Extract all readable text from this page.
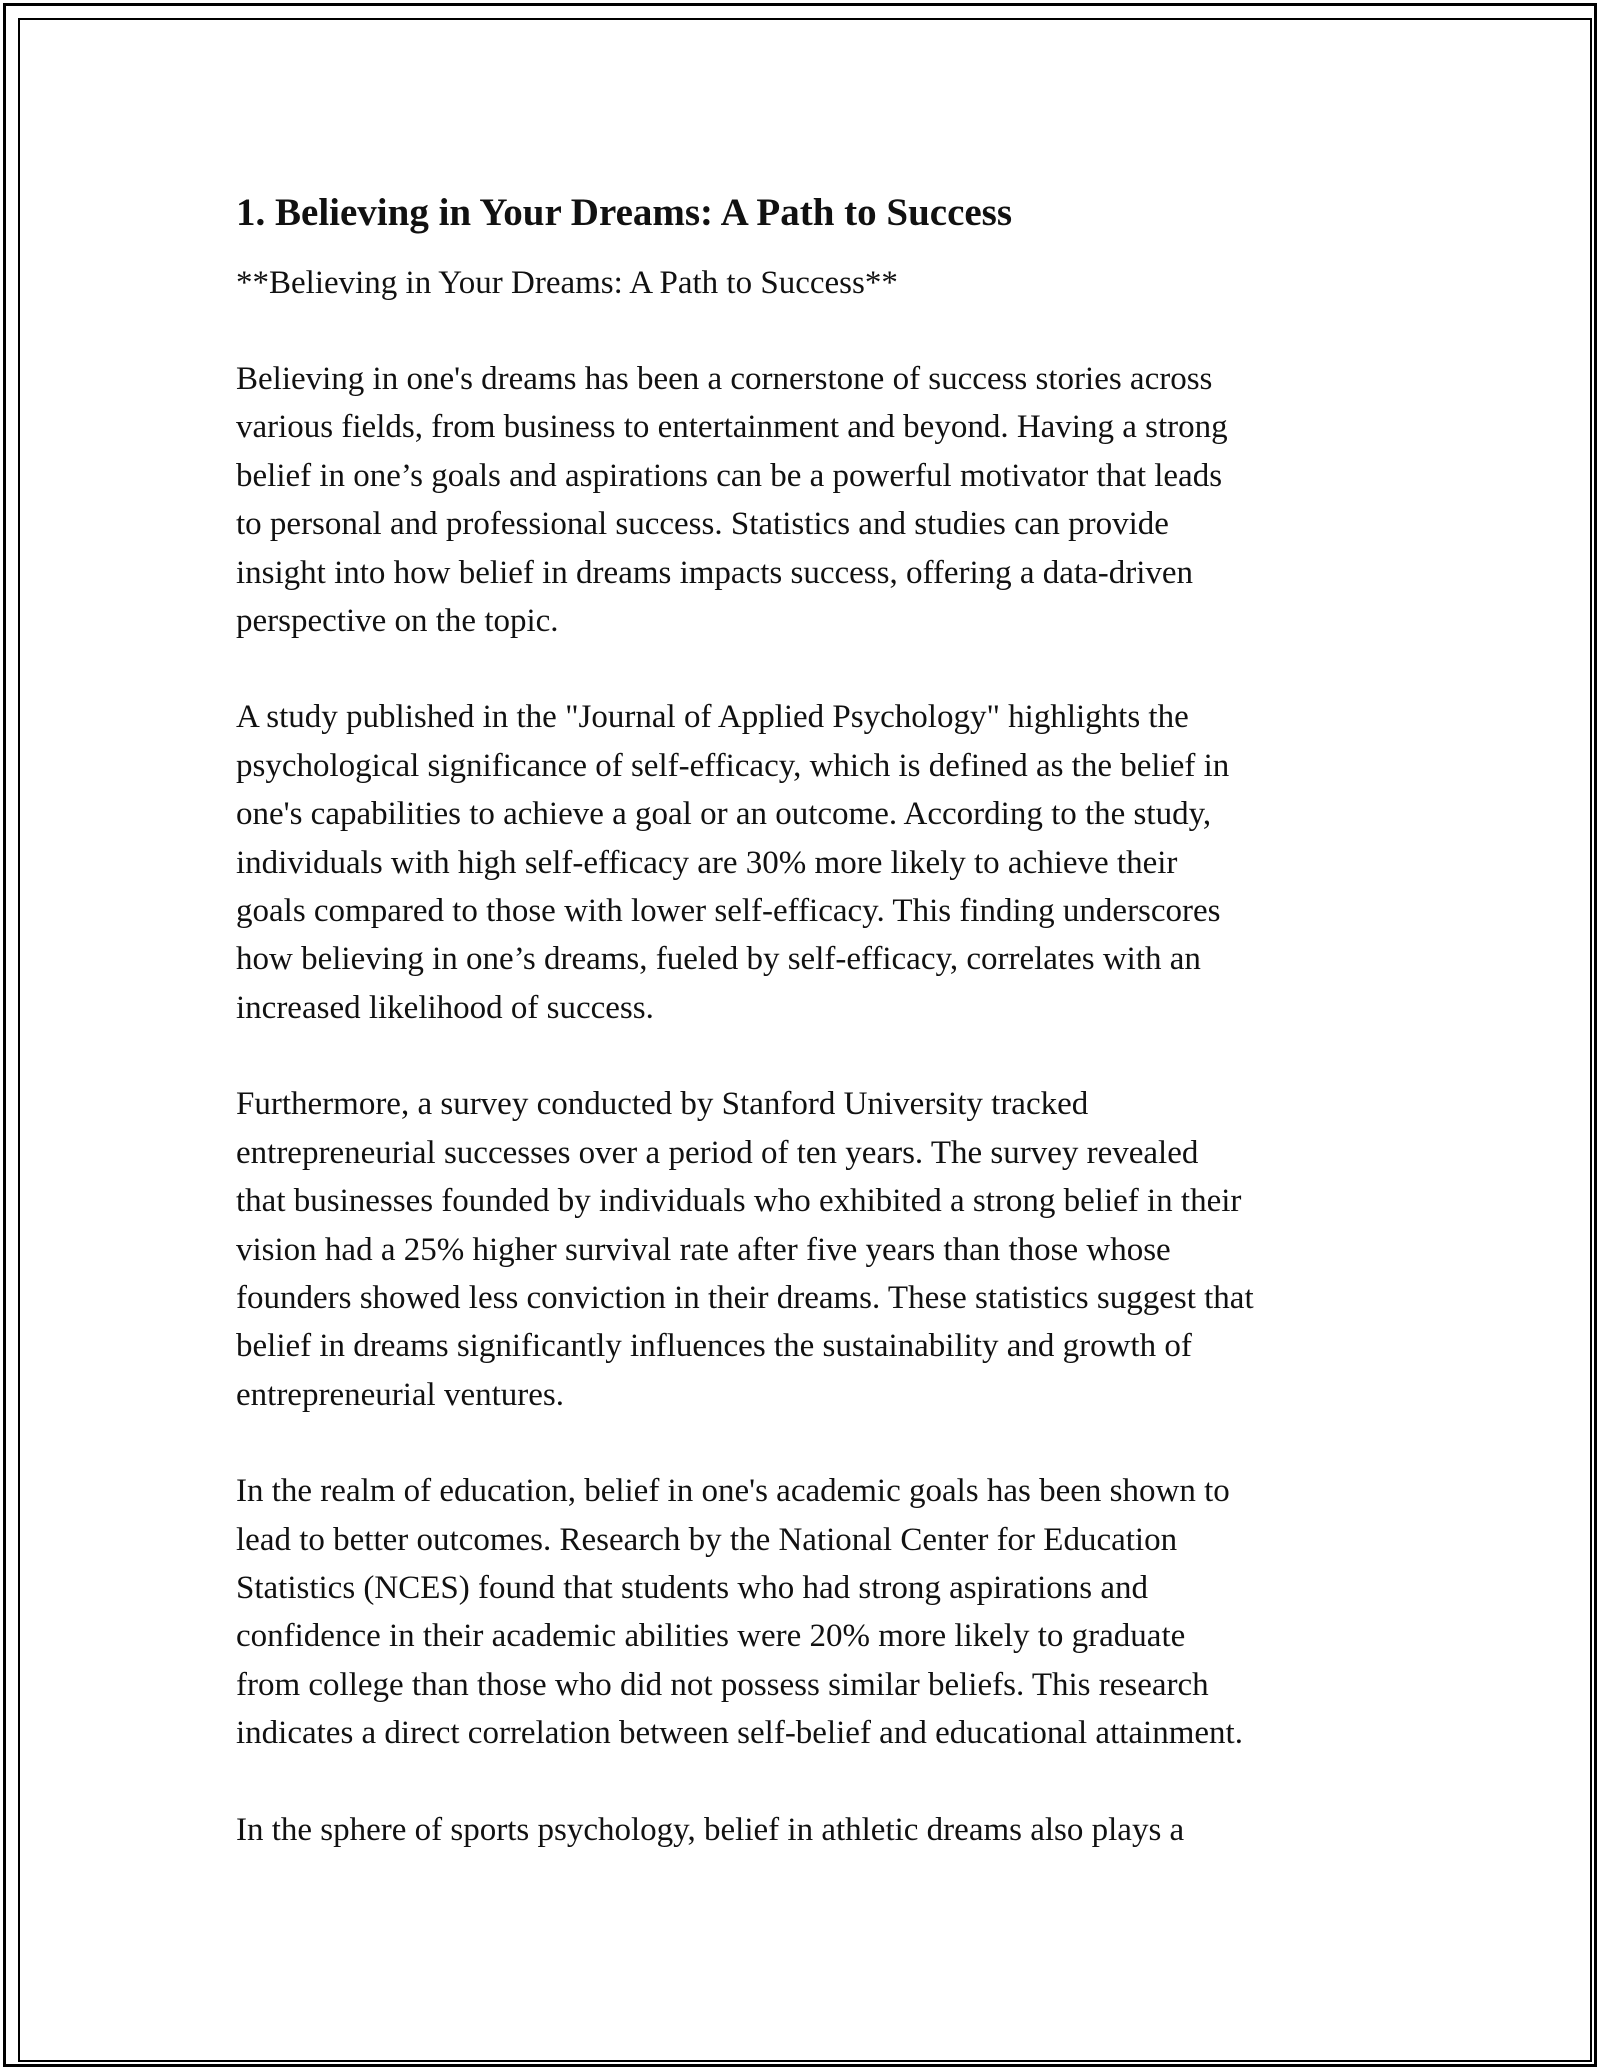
1. Believing in Your Dreams: A Path to Success

**Believing in Your Dreams: A Path to Success**

Believing in one's dreams has been a cornerstone of success stories across
various fields, from business to entertainment and beyond. Having a strong
belief in one’s goals and aspirations can be a powerful motivator that leads
to personal and professional success. Statistics and studies can provide
insight into how belief in dreams impacts success, offering a data-driven
perspective on the topic.

A study published in the "Journal of Applied Psychology" highlights the
psychological significance of self-efficacy, which is defined as the belief in
one's capabilities to achieve a goal or an outcome. According to the study,
individuals with high self-efficacy are 30% more likely to achieve their
goals compared to those with lower self-efficacy. This finding underscores
how believing in one’s dreams, fueled by self-efficacy, correlates with an
increased likelihood of success.

Furthermore, a survey conducted by Stanford University tracked
entrepreneurial successes over a period of ten years. The survey revealed
that businesses founded by individuals who exhibited a strong belief in their
vision had a 25% higher survival rate after five years than those whose
founders showed less conviction in their dreams. These statistics suggest that
belief in dreams significantly influences the sustainability and growth of
entrepreneurial ventures.

In the realm of education, belief in one's academic goals has been shown to
lead to better outcomes. Research by the National Center for Education
Statistics (NCES) found that students who had strong aspirations and
confidence in their academic abilities were 20% more likely to graduate
from college than those who did not possess similar beliefs. This research
indicates a direct correlation between self-belief and educational attainment.

In the sphere of sports psychology, belief in athletic dreams also plays a
